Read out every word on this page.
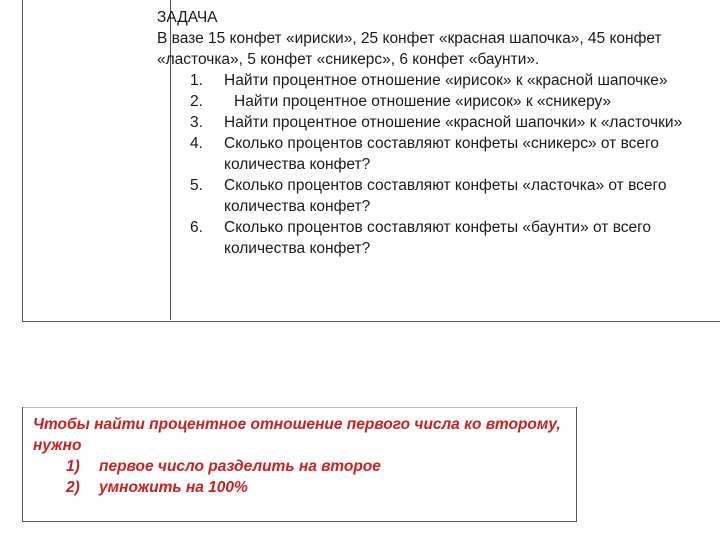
ЗАДАЧА

В вазе 15 конфет «ириски», 25 конфет «красная шапочка», 45 конфет «ласточка», 5 конфет «сникерс», 6 конфет «баунти».

1. Найти процентное отношение «ирисок» к «красной шапочке»
2. Найти процентное отношение «ирисок» к «сникеру»
3. Найти процентное отношение «красной шапочки» к «ласточки»
4. Сколько процентов составляют конфеты «сникерс» от всего количества конфет?
5. Сколько процентов составляют конфеты «ласточка» от всего количества конфет?
6. Сколько процентов составляют конфеты «баунти» от всего количества конфет?

Чтобы найти процентное отношение первого числа ко второму, нужно

1) первое число разделить на второе
2) умножить на 100%
